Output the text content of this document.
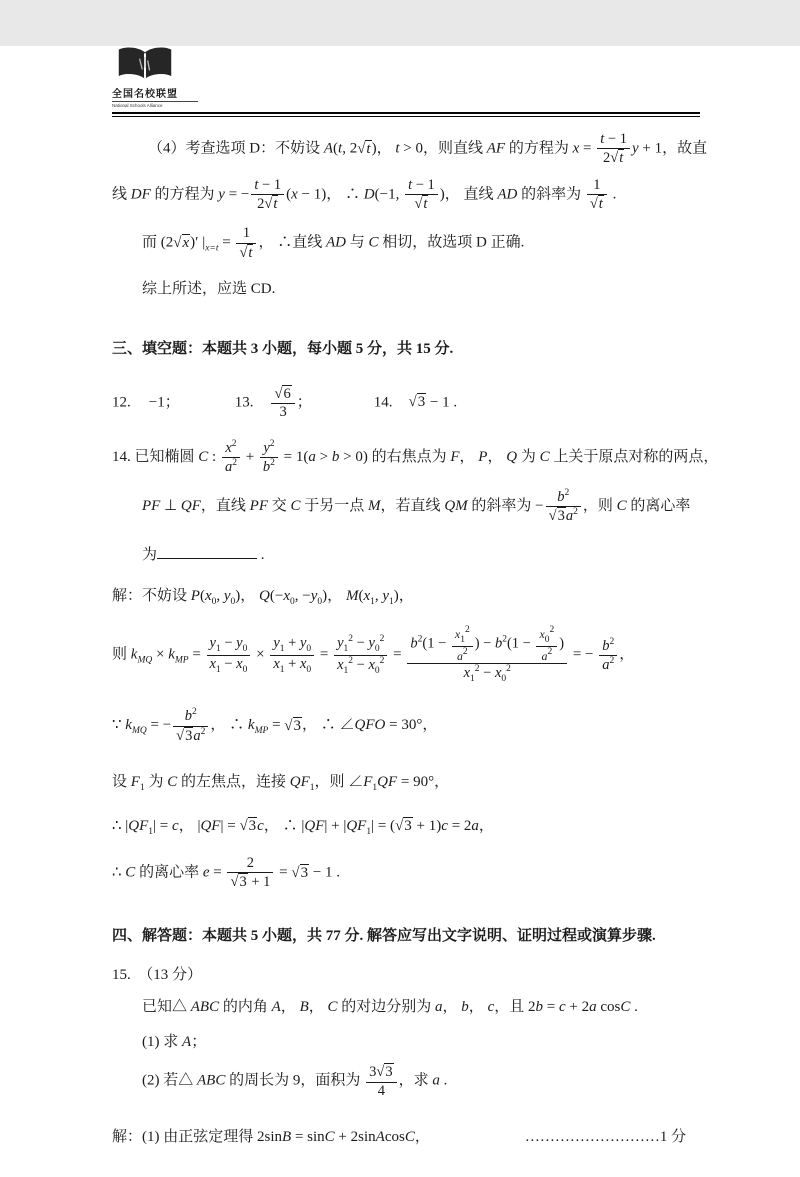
全国名校联盟
National Schools Alliance
（4）考查选项 D：不妨设 A(t, 2√t)， t > 0，则直线 AF 的方程为 $x = \frac{t - 1}{2√t}$ y + 1，故直
线 DF 的方程为 y = − $\frac{t - 1}{2√t} (x - 1)$， ∴ D(−1, $\frac{t - 1}{√t}$ )， 直线 AD 的斜率为 $\frac{1}{√t}$ .
而 (2√x)′ $|_{x=t} = \frac{1}{√t}$ ， ∴直线 AD 与 C 相切，故选项 D 正确.
综上所述，应选 CD.
三、填空题：本题共 3 小题，每小题 5 分，共 15 分.
12. −1；	13. $\frac{√6}{3}$ ；	14. √3 − 1 .
14. 已知椭圆 C : $\frac{x^2}{a^2} + \frac{y^2}{b^2} = 1(a > b > 0)$ 的右焦点为 F， P， Q 为 C 上关于原点对称的两点，
PF ⊥ QF，直线 PF 交 C 于另一点 M，若直线 QM 的斜率为 − $\frac{b^2}{√3a^2}$ ，则 C 的离心率
为	.
解：不妨设 $P(x_0$, $y_0$)， $Q(-x_0$, $-y_0$)， $M(x_1$, $y_1$)，
则 $k_{MQ} \times k_{MP} = \frac{y_1 - y_0}{x_1 - x_0} \times \frac{y_1 + y_0}{x_1 + x_0} = \frac{y_1^2 - y_0^2}{x_1^2 - x_0^2} = \frac{b^2(1 - \frac{x_1^2}{a^2} ) - b^2(1 - \frac{x_0^2}{a^2} )}{x_1^2 - x_0^2}$ = − $\frac{b^2}{a^2}$ ，
∵ $k_{MQ}$ = − $\frac{b^2}{√3a^2}$ ， ∴ $k_{MP} = √3$， ∴ ∠QFO = 30°，
设 $F_1$ 为 C 的左焦点，连接 $QF_1$，则 $\angle F_1QF = 90^\circ$，
∴ $|QF_1| = c$， |QF| = √3c， ∴ $|QF| + |QF_1| = (√3 + 1)c = 2a$，
∴ C 的离心率 $e = \frac{2}{√3 + 1} = √3 - 1$ .
四、解答题：本题共 5 小题，共 77 分. 解答应写出文字说明、证明过程或演算步骤.
15.　（13 分）
已知△ ABC 的内角 A， B， C 的对边分别为 a， b， c，且 2b = c + 2a cosC .
(1) 求 A；
(2) 若△ ABC 的周长为 9，面积为 $\frac{3√3}{4}$ ，求 a .
解：(1) 由正弦定理得 2sinB = sinC + 2sinAcosC，	………………………1 分
